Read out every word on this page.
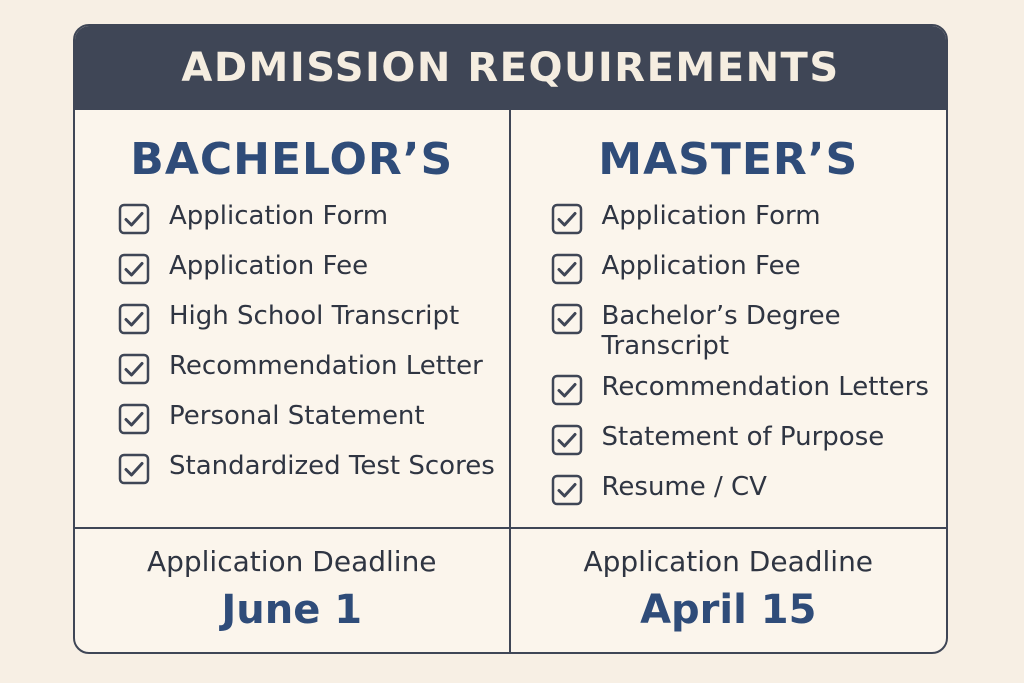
ADMISSION REQUIREMENTS
BACHELOR’S
Application Form
Application Fee
High School Transcript
Recommendation Letter
Personal Statement
Standardized Test Scores
MASTER’S
Application Form
Application Fee
Bachelor’s Degree Transcript
Recommendation Letters
Statement of Purpose
Resume / CV
Application Deadline
June 1
Application Deadline
April 15
